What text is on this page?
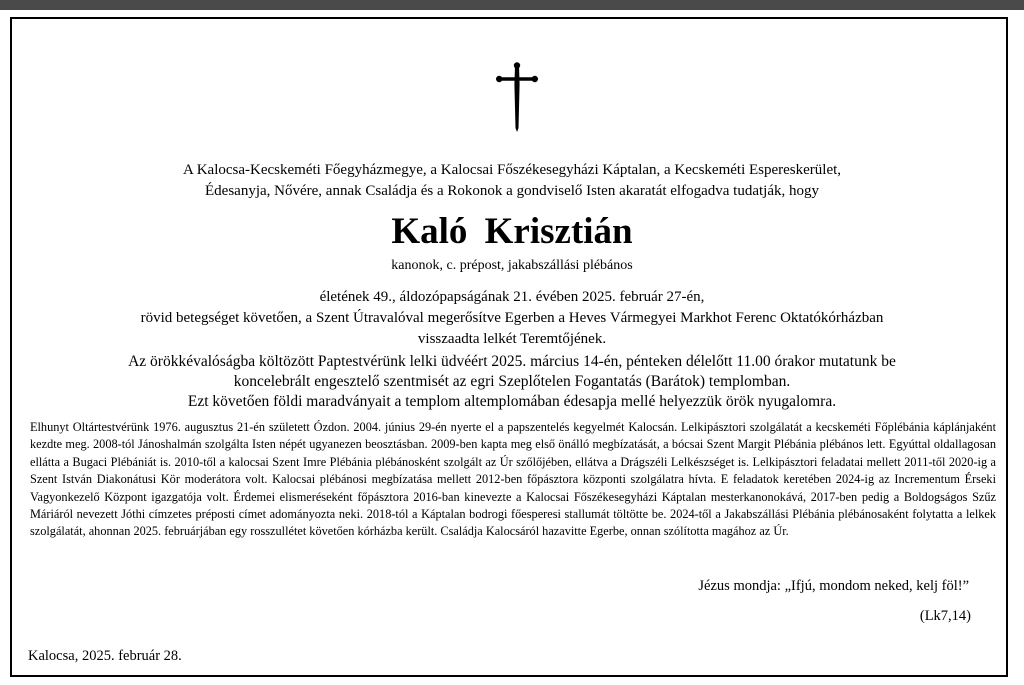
A Kalocsa-Kecskeméti Főegyházmegye, a Kalocsai Főszékesegyházi Káptalan, a Kecskeméti Espereskerület,
Édesanyja, Nővére, annak Családja és a Rokonok a gondviselő Isten akaratát elfogadva tudatják, hogy
Kaló Krisztián
kanonok, c. prépost, jakabszállási plébános
életének 49., áldozópapságának 21. évében 2025. február 27-én,
rövid betegséget követően, a Szent Útravalóval megerősítve Egerben a Heves Vármegyei Markhot Ferenc Oktatókórházban
visszaadta lelkét Teremtőjének.
Az örökkévalóságba költözött Paptestvérünk lelki üdvéért 2025. március 14-én, pénteken délelőtt 11.00 órakor mutatunk be
koncelebrált engesztelő szentmisét az egri Szeplőtelen Fogantatás (Barátok) templomban.
Ezt követően földi maradványait a templom altemplomában édesapja mellé helyezzük örök nyugalomra.
Elhunyt Oltártestvérünk 1976. augusztus 21-én született Ózdon. 2004. június 29-én nyerte el a papszentelés kegyelmét Kalocsán. Lelkipásztori szolgálatát a kecskeméti Főplébánia káplánjaként kezdte meg. 2008-tól Jánoshalmán szolgálta Isten népét ugyanezen beosztásban. 2009-ben kapta meg első önálló megbízatását, a bócsai Szent Margit Plébánia plébános lett. Egyúttal oldallagosan ellátta a Bugaci Plébániát is. 2010-től a kalocsai Szent Imre Plébánia plébánosként szolgált az Úr szőlőjében, ellátva a Drágszéli Lelkészséget is. Lelkipásztori feladatai mellett 2011-től 2020-ig a Szent István Diakonátusi Kör moderátora volt. Kalocsai plébánosi megbízatása mellett 2012-ben főpásztora központi szolgálatra hívta. E feladatok keretében 2024-ig az Incrementum Érseki Vagyonkezelő Központ igazgatója volt. Érdemei elismeréseként főpásztora 2016-ban kinevezte a Kalocsai Főszékesegyházi Káptalan mesterkanonokává, 2017-ben pedig a Boldogságos Szűz Máriáról nevezett Jóthi címzetes préposti címet adományozta neki. 2018-tól a Káptalan bodrogi főesperesi stallumát töltötte be. 2024-től a Jakabszállási Plébánia plébánosaként folytatta a lelkek szolgálatát, ahonnan 2025. februárjában egy rosszullétet követően kórházba került. Családja Kalocsáról hazavitte Egerbe, onnan szólította magához az Úr.
Jézus mondja: „Ifjú, mondom neked, kelj föl!”
(Lk7,14)
Kalocsa, 2025. február 28.
